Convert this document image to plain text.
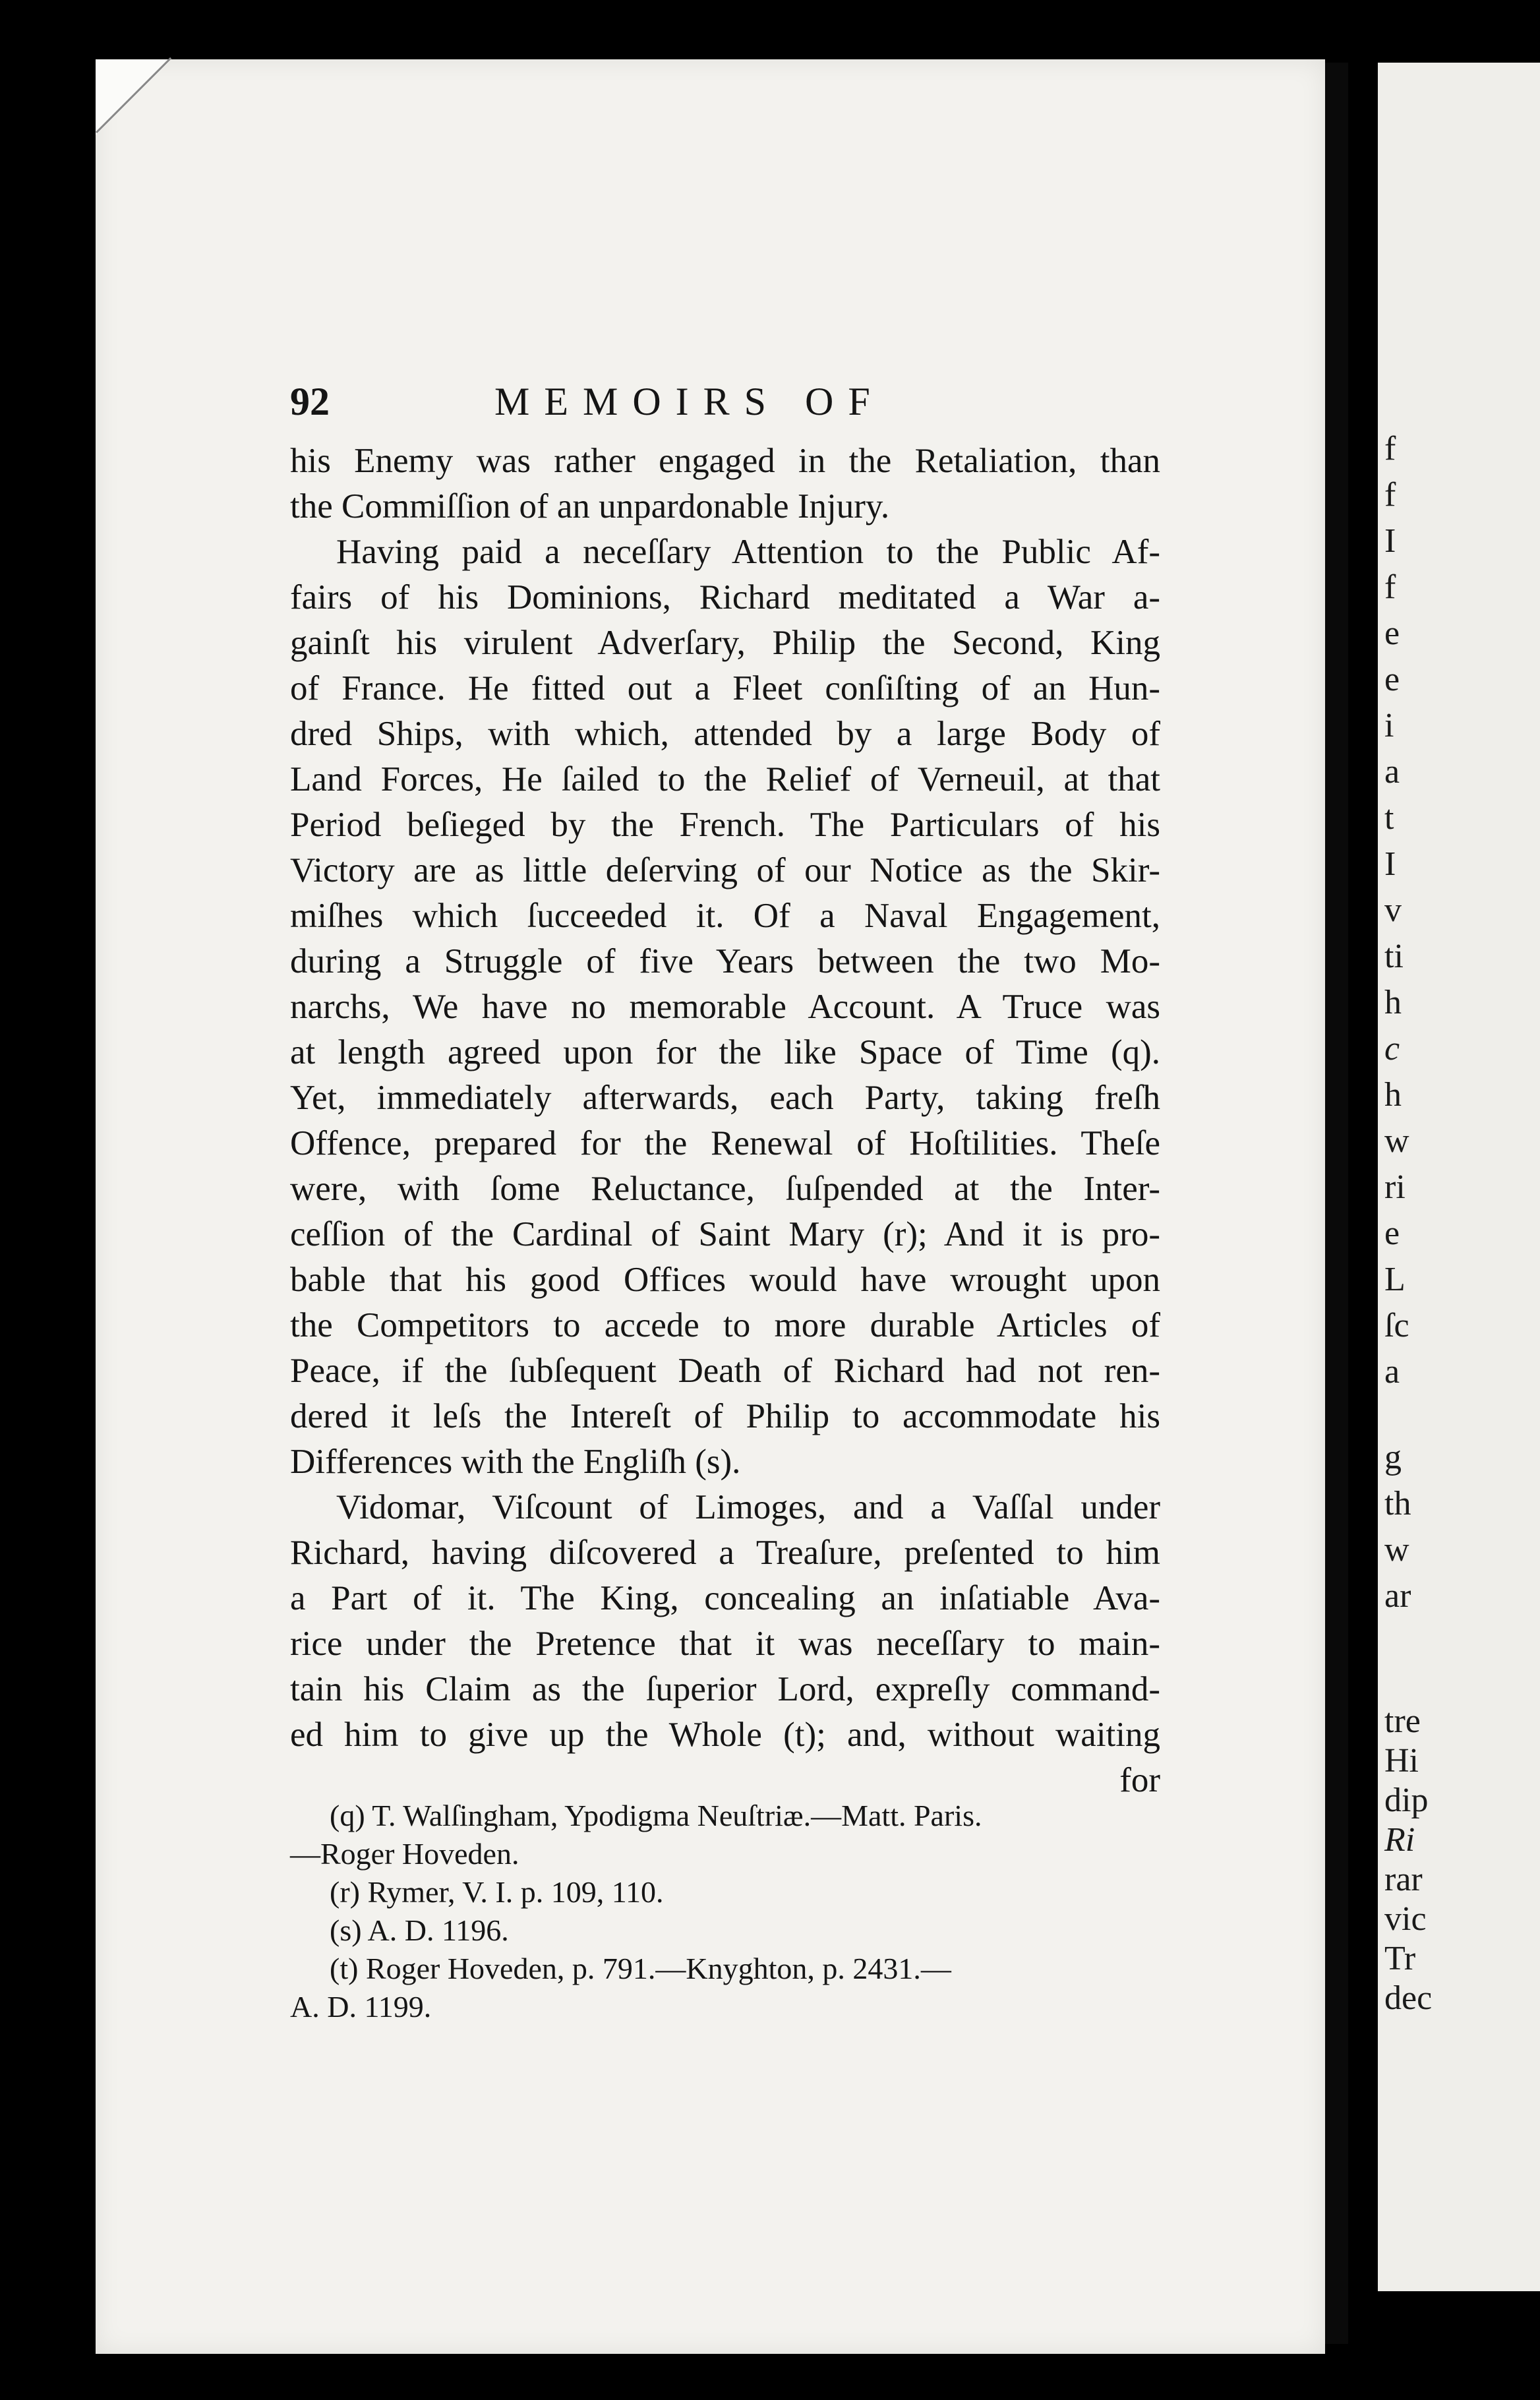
f
f
I
f
e
e
i
a
t
I
v
ti
h
c
h
w
ri
e
L
ſc
a
g
th
w
ar
tre
Hi
dip
Ri
rar
vic
Tr
dec
92	MEMOIRS OF
his Enemy was rather engaged in the Retaliation, than
the Commiſſion of an unpardonable Injury.
Having paid a neceſſary Attention to the Public Af-
fairs of his Dominions, Richard meditated a War a-
gainſt his virulent Adverſary, Philip the Second, King
of France. He fitted out a Fleet conſiſting of an Hun-
dred Ships, with which, attended by a large Body of
Land Forces, He ſailed to the Relief of Verneuil, at that
Period beſieged by the French. The Particulars of his
Victory are as little deſerving of our Notice as the Skir-
miſhes which ſucceeded it. Of a Naval Engagement,
during a Struggle of five Years between the two Mo-
narchs, We have no memorable Account. A Truce was
at length agreed upon for the like Space of Time (q).
Yet, immediately afterwards, each Party, taking freſh
Offence, prepared for the Renewal of Hoſtilities. Theſe
were, with ſome Reluctance, ſuſpended at the Inter-
ceſſion of the Cardinal of Saint Mary (r); And it is pro-
bable that his good Offices would have wrought upon
the Competitors to accede to more durable Articles of
Peace, if the ſubſequent Death of Richard had not ren-
dered it leſs the Intereſt of Philip to accommodate his
Differences with the Engliſh (s).
Vidomar, Viſcount of Limoges, and a Vaſſal under
Richard, having diſcovered a Treaſure, preſented to him
a Part of it. The King, concealing an inſatiable Ava-
rice under the Pretence that it was neceſſary to main-
tain his Claim as the ſuperior Lord, expreſly command-
ed him to give up the Whole (t); and, without waiting
for
(q) T. Walſingham, Ypodigma Neuſtriæ.—Matt. Paris.
—Roger Hoveden.
(r) Rymer, V. I. p. 109, 110.
(s) A. D. 1196.
(t) Roger Hoveden, p. 791.—Knyghton, p. 2431.—
A. D. 1199.
